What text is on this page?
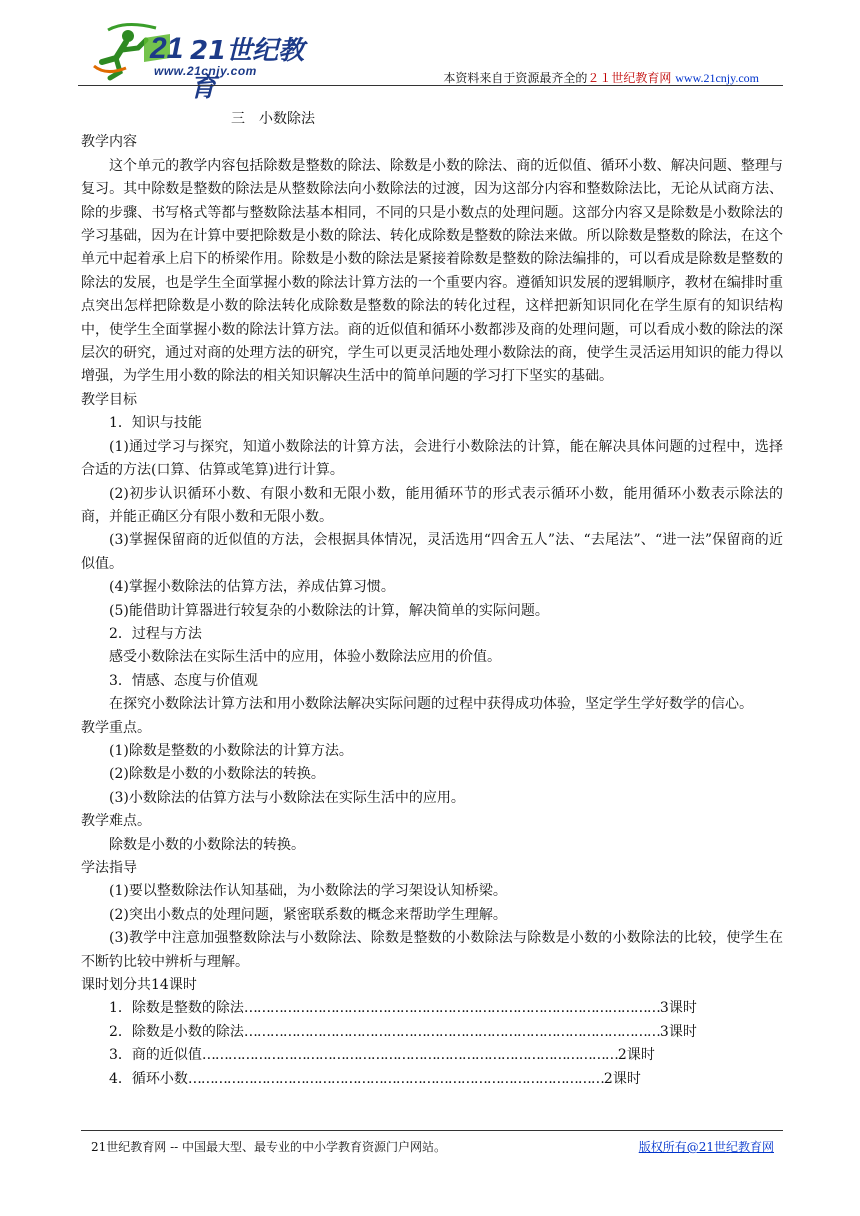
21 21世纪教育
www.21cnjy.com	本资料来自于资源最齐全的２１世纪教育网 www.21cnjy.com

三　小数除法

教学内容

这个单元的教学内容包括除数是整数的除法、除数是小数的除法、商的近似值、循环小数、解决问题、整理与复习。其中除数是整数的除法是从整数除法向小数除法的过渡，因为这部分内容和整数除法比，无论从试商方法、除的步骤、书写格式等都与整数除法基本相同，不同的只是小数点的处理问题。这部分内容又是除数是小数除法的学习基础，因为在计算中要把除数是小数的除法、转化成除数是整数的除法来做。所以除数是整数的除法，在这个单元中起着承上启下的桥梁作用。除数是小数的除法是紧接着除数是整数的除法编排的，可以看成是除数是整数的除法的发展，也是学生全面掌握小数的除法计算方法的一个重要内容。遵循知识发展的逻辑顺序，教材在编排时重点突出怎样把除数是小数的除法转化成除数是整数的除法的转化过程，这样把新知识同化在学生原有的知识结构中，使学生全面掌握小数的除法计算方法。商的近似值和循环小数都涉及商的处理问题，可以看成小数的除法的深层次的研究，通过对商的处理方法的研究，学生可以更灵活地处理小数除法的商，使学生灵活运用知识的能力得以增强，为学生用小数的除法的相关知识解决生活中的简单问题的学习打下坚实的基础。

教学目标

1．知识与技能

(1)通过学习与探究，知道小数除法的计算方法，会进行小数除法的计算，能在解决具体问题的过程中，选择合适的方法(口算、估算或笔算)进行计算。

(2)初步认识循环小数、有限小数和无限小数，能用循环节的形式表示循环小数，能用循环小数表示除法的商，并能正确区分有限小数和无限小数。

(3)掌握保留商的近似值的方法，会根据具体情况，灵活选用“四舍五人”法、“去尾法”、“进一法”保留商的近似值。

(4)掌握小数除法的估算方法，养成估算习惯。

(5)能借助计算器进行较复杂的小数除法的计算，解决简单的实际问题。

2．过程与方法

感受小数除法在实际生活中的应用，体验小数除法应用的价值。

3．情感、态度与价值观

在探究小数除法计算方法和用小数除法解决实际问题的过程中获得成功体验，坚定学生学好数学的信心。

教学重点。

(1)除数是整数的小数除法的计算方法。

(2)除数是小数的小数除法的转换。

(3)小数除法的估算方法与小数除法在实际生活中的应用。

教学难点。

除数是小数的小数除法的转换。

学法指导

(1)要以整数除法作认知基础，为小数除法的学习架设认知桥梁。

(2)突出小数点的处理问题，紧密联系数的概念来帮助学生理解。

(3)教学中注意加强整数除法与小数除法、除数是整数的小数除法与除数是小数的小数除法的比较，使学生在不断钓比较中辨析与理解。

课时划分共14课时

1．除数是整数的除法 …………………………………………………………………………………… 3课时
2．除数是小数的除法 …………………………………………………………………………………… 3课时
3．商的近似值 …………………………………………………………………………………… 2课时
4．循环小数 …………………………………………………………………………………… 2课时
21世纪教育网 -- 中国最大型、最专业的中小学教育资源门户网站。	版权所有@21世纪教育网
